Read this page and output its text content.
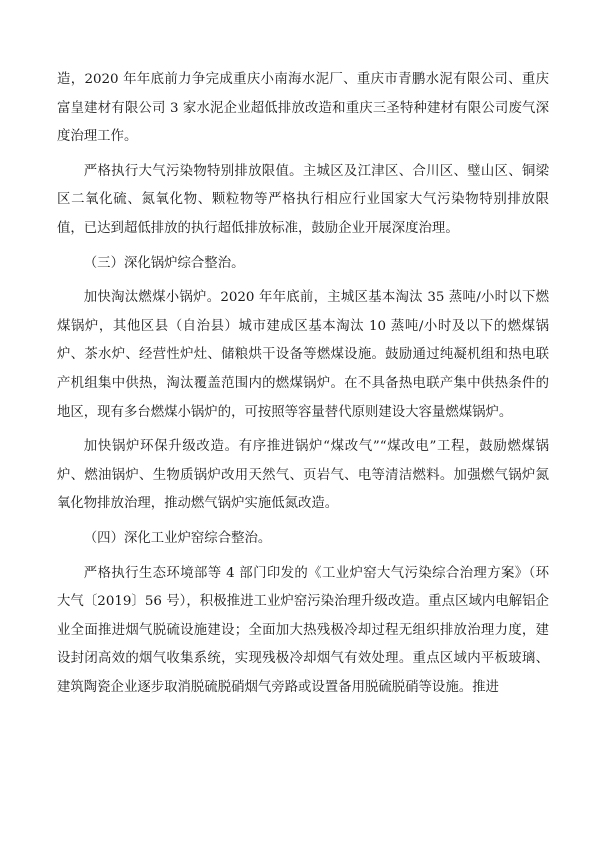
造，2020 年年底前力争完成重庆小南海水泥厂、重庆市青鹏水泥有限公司、重庆富皇建材有限公司 3 家水泥企业超低排放改造和重庆三圣特种建材有限公司废气深度治理工作。

严格执行大气污染物特别排放限值。主城区及江津区、合川区、璧山区、铜梁区二氧化硫、氮氧化物、颗粒物等严格执行相应行业国家大气污染物特别排放限值，已达到超低排放的执行超低排放标准，鼓励企业开展深度治理。

（三）深化锅炉综合整治。

加快淘汰燃煤小锅炉。2020 年年底前，主城区基本淘汰 35 蒸吨/小时以下燃煤锅炉，其他区县（自治县）城市建成区基本淘汰 10 蒸吨/小时及以下的燃煤锅炉、茶水炉、经营性炉灶、储粮烘干设备等燃煤设施。鼓励通过纯凝机组和热电联产机组集中供热，淘汰覆盖范围内的燃煤锅炉。在不具备热电联产集中供热条件的地区，现有多台燃煤小锅炉的，可按照等容量替代原则建设大容量燃煤锅炉。

加快锅炉环保升级改造。有序推进锅炉“煤改气”“煤改电”工程，鼓励燃煤锅炉、燃油锅炉、生物质锅炉改用天然气、页岩气、电等清洁燃料。加强燃气锅炉氮氧化物排放治理，推动燃气锅炉实施低氮改造。

（四）深化工业炉窑综合整治。

严格执行生态环境部等 4 部门印发的《工业炉窑大气污染综合治理方案》（环大气〔2019〕56 号），积极推进工业炉窑污染治理升级改造。重点区域内电解铝企业全面推进烟气脱硫设施建设；全面加大热残极冷却过程无组织排放治理力度，建设封闭高效的烟气收集系统，实现残极冷却烟气有效处理。重点区域内平板玻璃、建筑陶瓷企业逐步取消脱硫脱硝烟气旁路或设置备用脱硫脱硝等设施。推进
